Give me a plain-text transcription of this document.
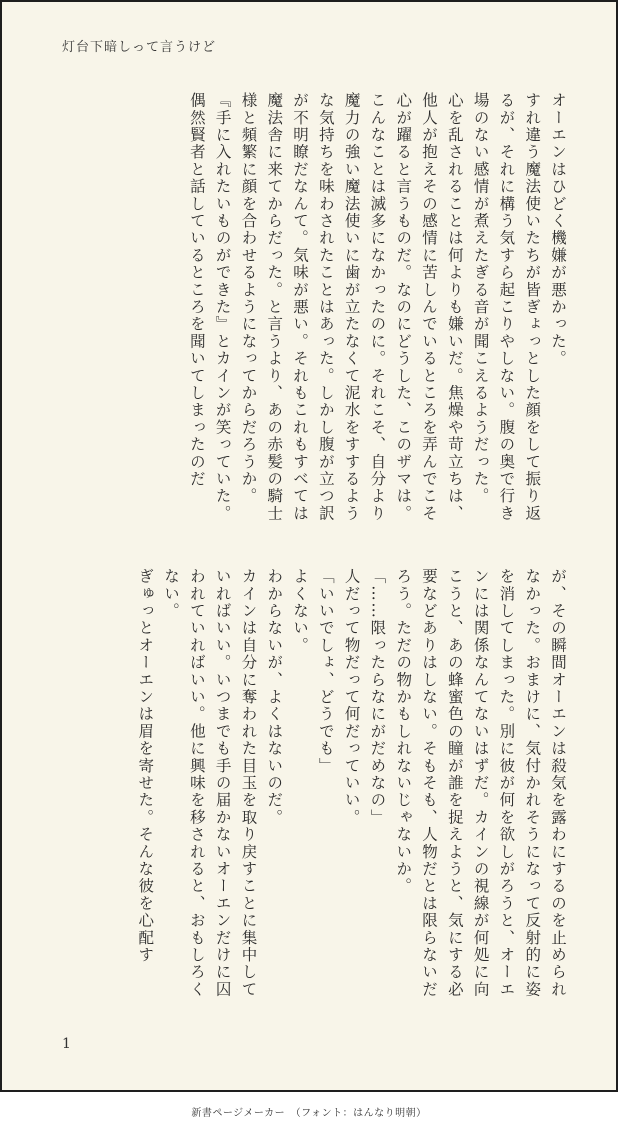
灯台下暗しって言うけど

オーエンはひどく機嫌が悪かった。

すれ違う魔法使いたちが皆ぎょっとした顔をして振り返るが、それに構う気すら起こりやしない。腹の奥で行き場のない感情が煮えたぎる音が聞こえるようだった。

心を乱されることは何よりも嫌いだ。焦燥や苛立ちは、他人が抱えその感情に苦しんでいるところを弄んでこそ心が躍ると言うものだ。なのにどうした、このザマは。こんなことは滅多になかったのに。それこそ、自分より魔力の強い魔法使いに歯が立たなくて泥水をすするような気持ちを味わされたことはあった。しかし腹が立つ訳が不明瞭だなんて。気味が悪い。それもこれもすべては魔法舎に来てからだった。と言うより、あの赤髪の騎士様と頻繁に顔を合わせるようになってからだろうか。

『手に入れたいものができた』とカインが笑っていた。偶然賢者と話しているところを聞いてしまったのだ

が、その瞬間オーエンは殺気を露わにするのを止められなかった。おまけに、気付かれそうになって反射的に姿を消してしまった。別に彼が何を欲しがろうと、オーエンには関係なんてないはずだ。カインの視線が何処に向こうと、あの蜂蜜色の瞳が誰を捉えようと、気にする必要などありはしない。そもそも、人物だとは限らないだろう。ただの物かもしれないじゃないか。

「……限ったらなにがだめなの」

人だって物だって何だっていい。

「いいでしょ、どうでも」

よくない。

わからないが、よくはないのだ。

カインは自分に奪われた目玉を取り戻すことに集中していればいい。いつまでも手の届かないオーエンだけに囚われていればいい。他に興味を移されると、おもしろくない。

ぎゅっとオーエンは眉を寄せた。そんな彼を心配す

1
新書ページメーカー　（フォント：はんなり明朝）
